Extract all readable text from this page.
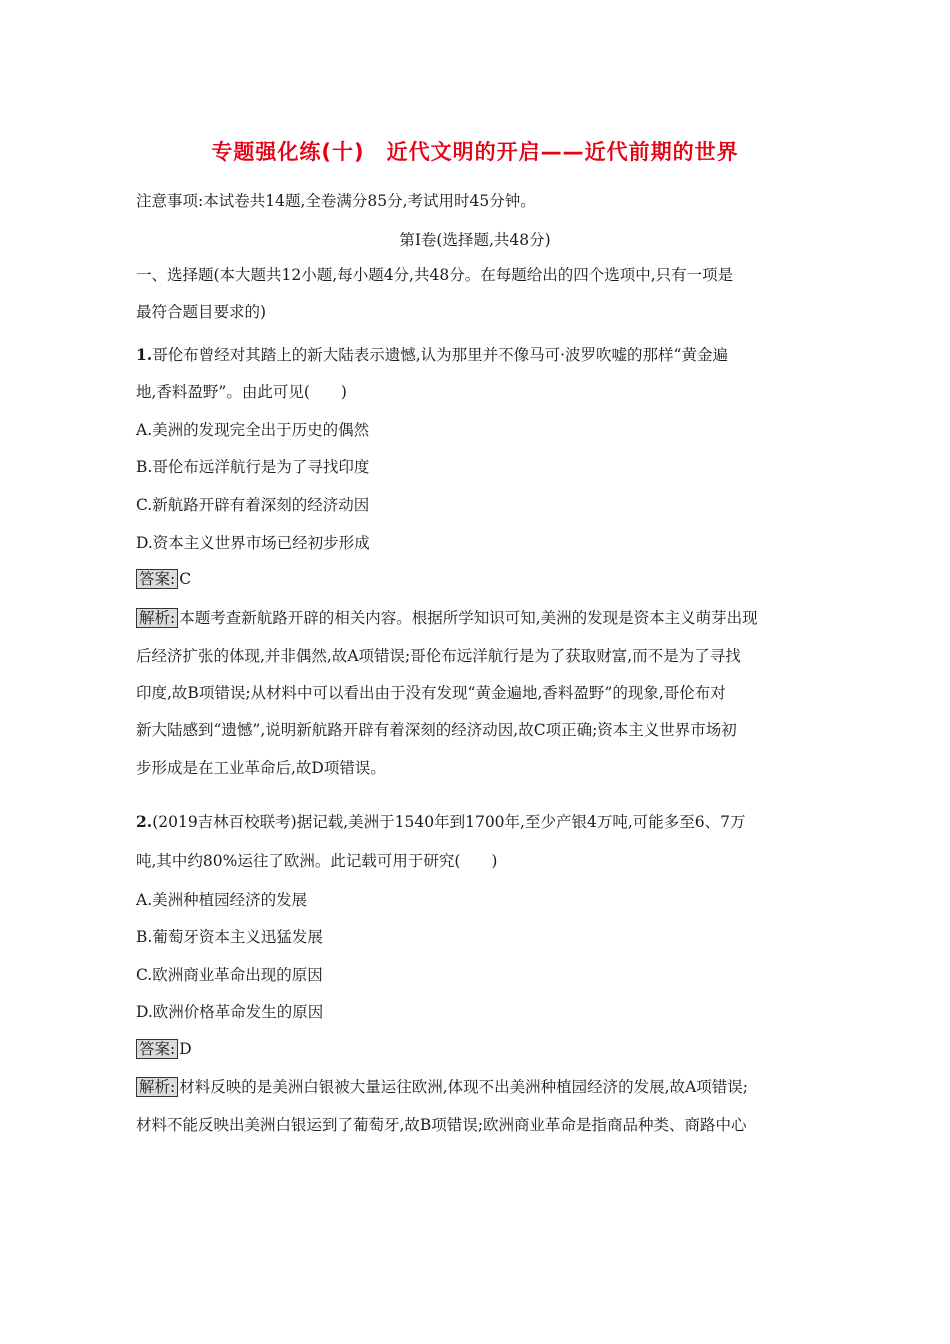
专题强化练(十)　近代文明的开启——近代前期的世界
注意事项:本试卷共14题,全卷满分85分,考试用时45分钟。
第Ⅰ卷(选择题,共48分)
一、选择题(本大题共12小题,每小题4分,共48分。在每题给出的四个选项中,只有一项是
最符合题目要求的)
1.哥伦布曾经对其踏上的新大陆表示遗憾,认为那里并不像马可·波罗吹嘘的那样“黄金遍
地,香料盈野”。由此可见(　　)
A.美洲的发现完全出于历史的偶然
B.哥伦布远洋航行是为了寻找印度
C.新航路开辟有着深刻的经济动因
D.资本主义世界市场已经初步形成
答案: C
解析: 本题考查新航路开辟的相关内容。根据所学知识可知,美洲的发现是资本主义萌芽出现
后经济扩张的体现,并非偶然,故A项错误;哥伦布远洋航行是为了获取财富,而不是为了寻找
印度,故B项错误;从材料中可以看出由于没有发现“黄金遍地,香料盈野”的现象,哥伦布对
新大陆感到“遗憾”,说明新航路开辟有着深刻的经济动因,故C项正确;资本主义世界市场初
步形成是在工业革命后,故D项错误。
2.(2019吉林百校联考)据记载,美洲于1540年到1700年,至少产银4万吨,可能多至6、7万
吨,其中约80%运往了欧洲。此记载可用于研究(　　)
A.美洲种植园经济的发展
B.葡萄牙资本主义迅猛发展
C.欧洲商业革命出现的原因
D.欧洲价格革命发生的原因
答案: D
解析: 材料反映的是美洲白银被大量运往欧洲,体现不出美洲种植园经济的发展,故A项错误;
材料不能反映出美洲白银运到了葡萄牙,故B项错误;欧洲商业革命是指商品种类、商路中心
